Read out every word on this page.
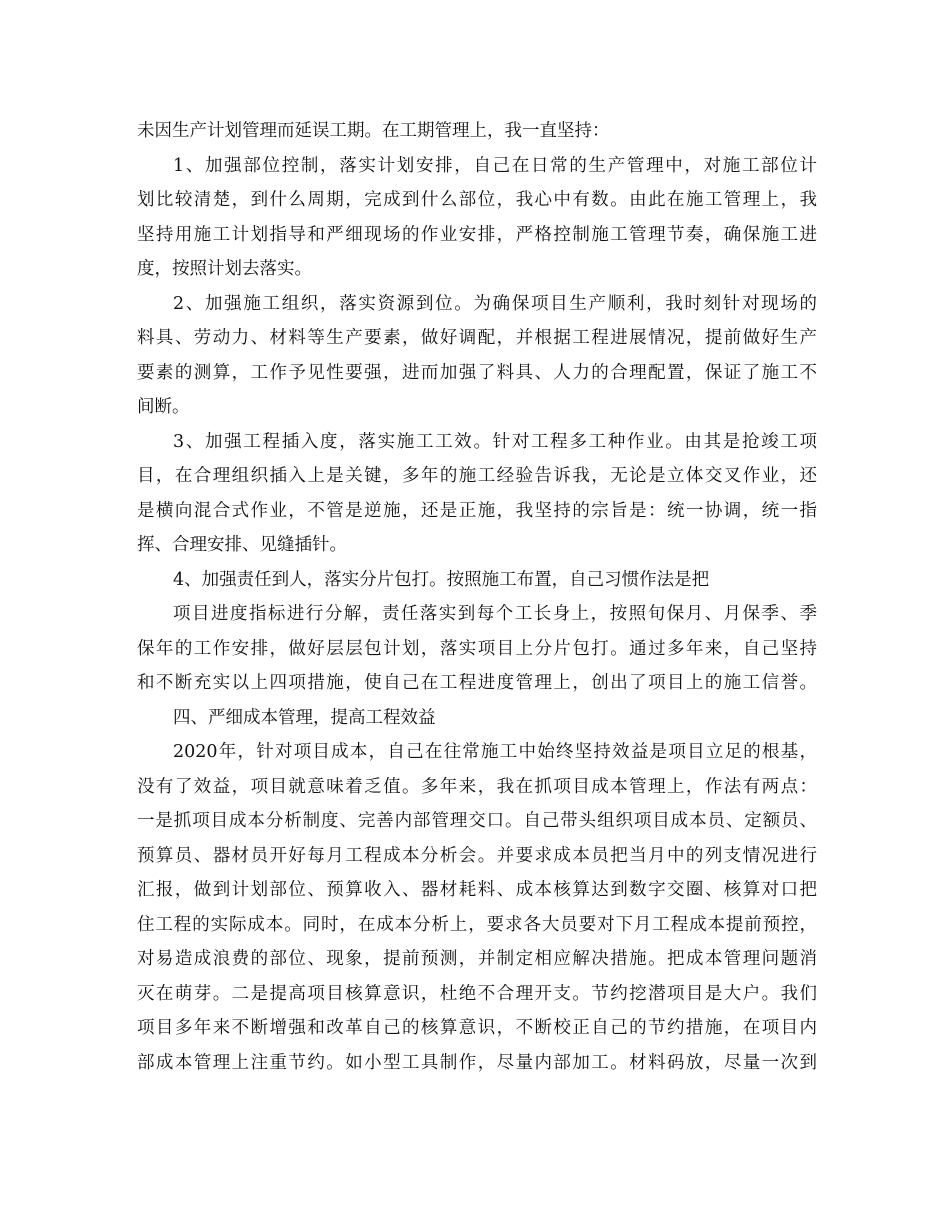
未因生产计划管理而延误工期。在工期管理上，我一直坚持：
1、加强部位控制，落实计划安排，自己在日常的生产管理中，对施工部位计
划比较清楚，到什么周期，完成到什么部位，我心中有数。由此在施工管理上，我
坚持用施工计划指导和严细现场的作业安排，严格控制施工管理节奏，确保施工进
度，按照计划去落实。
2、加强施工组织，落实资源到位。为确保项目生产顺利，我时刻针对现场的
料具、劳动力、材料等生产要素，做好调配，并根据工程进展情况，提前做好生产
要素的测算，工作予见性要强，进而加强了料具、人力的合理配置，保证了施工不
间断。
3、加强工程插入度，落实施工工效。针对工程多工种作业。由其是抢竣工项
目，在合理组织插入上是关键，多年的施工经验告诉我，无论是立体交叉作业，还
是横向混合式作业，不管是逆施，还是正施，我坚持的宗旨是：统一协调，统一指
挥、合理安排、见缝插针。
4、加强责任到人，落实分片包打。按照施工布置，自己习惯作法是把
项目进度指标进行分解，责任落实到每个工长身上，按照旬保月、月保季、季
保年的工作安排，做好层层包计划，落实项目上分片包打。通过多年来，自己坚持
和不断充实以上四项措施，使自己在工程进度管理上，创出了项目上的施工信誉。
四、严细成本管理，提高工程效益
2020年，针对项目成本，自己在往常施工中始终坚持效益是项目立足的根基，
没有了效益，项目就意味着乏值。多年来，我在抓项目成本管理上，作法有两点：
一是抓项目成本分析制度、完善内部管理交口。自己带头组织项目成本员、定额员、
预算员、器材员开好每月工程成本分析会。并要求成本员把当月中的列支情况进行
汇报，做到计划部位、预算收入、器材耗料、成本核算达到数字交圈、核算对口把
住工程的实际成本。同时，在成本分析上，要求各大员要对下月工程成本提前预控，
对易造成浪费的部位、现象，提前预测，并制定相应解决措施。把成本管理问题消
灭在萌芽。二是提高项目核算意识，杜绝不合理开支。节约挖潜项目是大户。我们
项目多年来不断增强和改革自己的核算意识，不断校正自己的节约措施，在项目内
部成本管理上注重节约。如小型工具制作，尽量内部加工。材料码放，尽量一次到
